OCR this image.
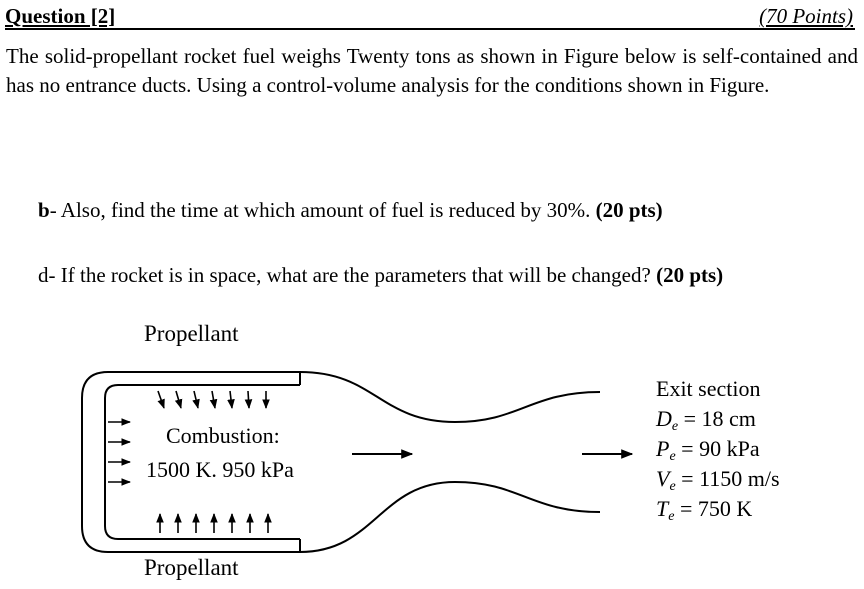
Question [2]	(70 Points)
The solid-propellant rocket fuel weighs Twenty tons as shown in Figure below is self-contained and has no entrance ducts. Using a control-volume analysis for the conditions shown in Figure.
b- Also, find the time at which amount of fuel is reduced by 30%. (20 pts)
d- If the rocket is in space, what are the parameters that will be changed? (20 pts)
Propellant
Combustion:
1500 K. 950 kPa
Propellant
Exit section
$D_e = 18$ cm
$P_e = 90$ kPa
$V_e = 1150$ m/s
$T_e = 750$ K
